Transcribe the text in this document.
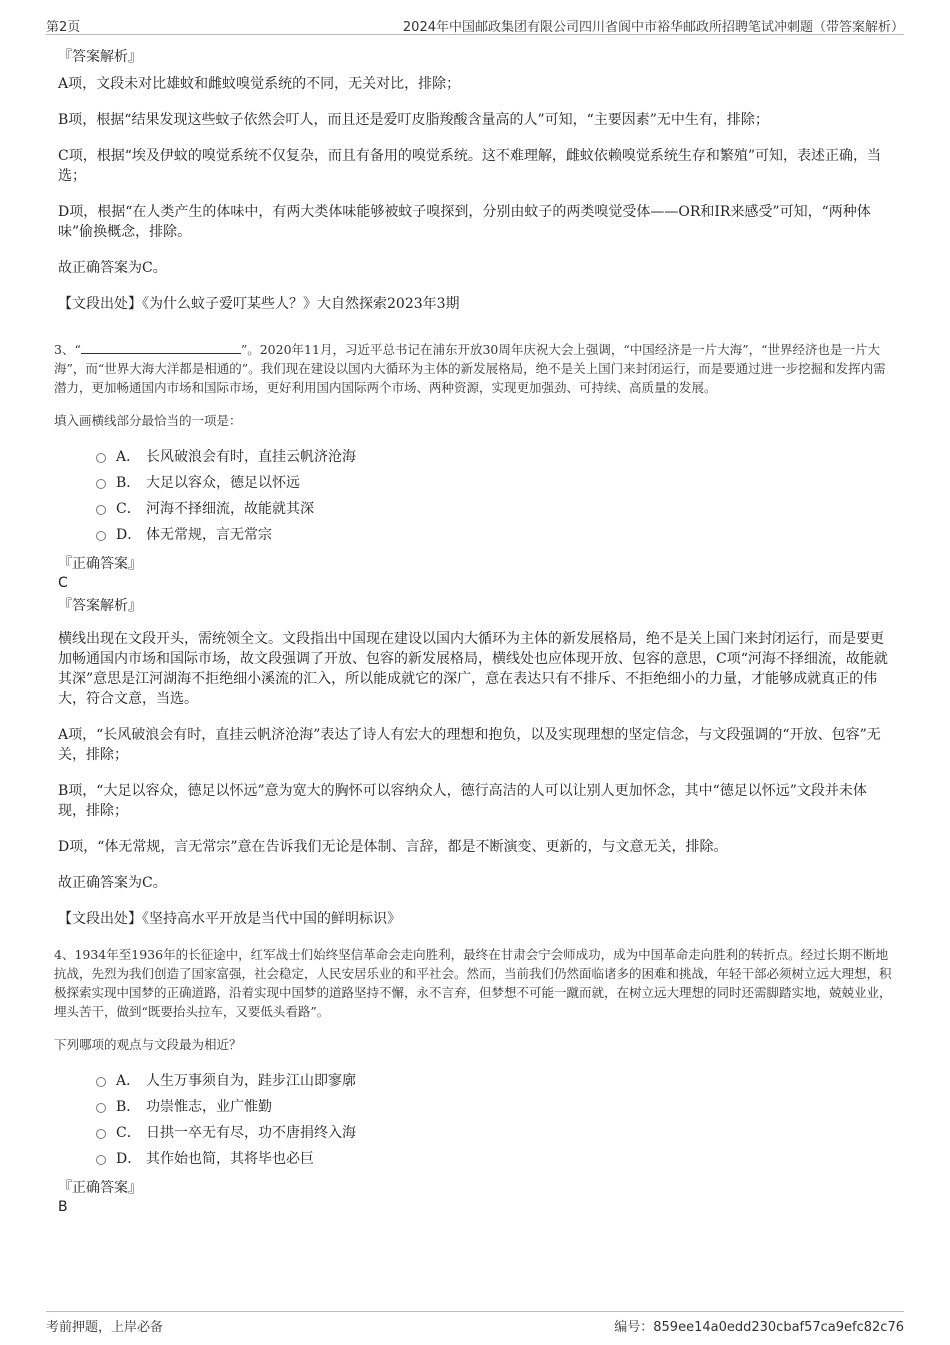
第2页	2024年中国邮政集团有限公司四川省阆中市裕华邮政所招聘笔试冲刺题（带答案解析）
『答案解析』
A项，文段未对比雄蚊和雌蚊嗅觉系统的不同，无关对比，排除；
B项，根据“结果发现这些蚊子依然会叮人，而且还是爱叮皮脂羧酸含量高的人”可知，“主要因素”无中生有，排除；
C项，根据“埃及伊蚊的嗅觉系统不仅复杂，而且有备用的嗅觉系统。这不难理解，雌蚊依赖嗅觉系统生存和繁殖”可知，表述正确，当选；
D项，根据“在人类产生的体味中，有两大类体味能够被蚊子嗅探到，分别由蚊子的两类嗅觉受体——OR和IR来感受”可知，“两种体味”偷换概念，排除。
故正确答案为C。
【文段出处】《为什么蚊子爱叮某些人？》大自然探索2023年3期
3、“	”。2020年11月，习近平总书记在浦东开放30周年庆祝大会上强调，“中国经济是一片大海”，“世界经济也是一片大海”，而“世界大海大洋都是相通的”。我们现在建设以国内大循环为主体的新发展格局，绝不是关上国门来封闭运行，而是要通过进一步挖掘和发挥内需潜力，更加畅通国内市场和国际市场，更好利用国内国际两个市场、两种资源，实现更加强劲、可持续、高质量的发展。
填入画横线部分最恰当的一项是：
A． 长风破浪会有时，直挂云帆济沧海
B． 大足以容众，德足以怀远
C． 河海不择细流，故能就其深
D． 体无常规，言无常宗
『正确答案』
C
『答案解析』
横线出现在文段开头，需统领全文。文段指出中国现在建设以国内大循环为主体的新发展格局，绝不是关上国门来封闭运行，而是要更加畅通国内市场和国际市场，故文段强调了开放、包容的新发展格局，横线处也应体现开放、包容的意思，C项“河海不择细流，故能就其深”意思是江河湖海不拒绝细小溪流的汇入，所以能成就它的深广，意在表达只有不排斥、不拒绝细小的力量，才能够成就真正的伟大，符合文意，当选。
A项，“长风破浪会有时，直挂云帆济沧海”表达了诗人有宏大的理想和抱负，以及实现理想的坚定信念，与文段强调的“开放、包容”无关，排除；
B项，“大足以容众，德足以怀远”意为宽大的胸怀可以容纳众人，德行高洁的人可以让别人更加怀念，其中“德足以怀远”文段并未体现，排除；
D项，“体无常规，言无常宗”意在告诉我们无论是体制、言辞，都是不断演变、更新的，与文意无关，排除。
故正确答案为C。
【文段出处】《坚持高水平开放是当代中国的鲜明标识》
4、1934年至1936年的长征途中，红军战士们始终坚信革命会走向胜利，最终在甘肃会宁会师成功，成为中国革命走向胜利的转折点。经过长期不断地抗战，先烈为我们创造了国家富强，社会稳定，人民安居乐业的和平社会。然而，当前我们仍然面临诸多的困难和挑战，年轻干部必须树立远大理想，积极探索实现中国梦的正确道路，沿着实现中国梦的道路坚持不懈，永不言弃，但梦想不可能一蹴而就，在树立远大理想的同时还需脚踏实地，兢兢业业，埋头苦干，做到“既要抬头拉车，又要低头看路”。
下列哪项的观点与文段最为相近？
A． 人生万事须自为，跬步江山即寥廓
B． 功崇惟志，业广惟勤
C． 日拱一卒无有尽，功不唐捐终入海
D． 其作始也简，其将毕也必巨
『正确答案』
B
考前押题，上岸必备	编号：859ee14a0edd230cbaf57ca9efc82c76
